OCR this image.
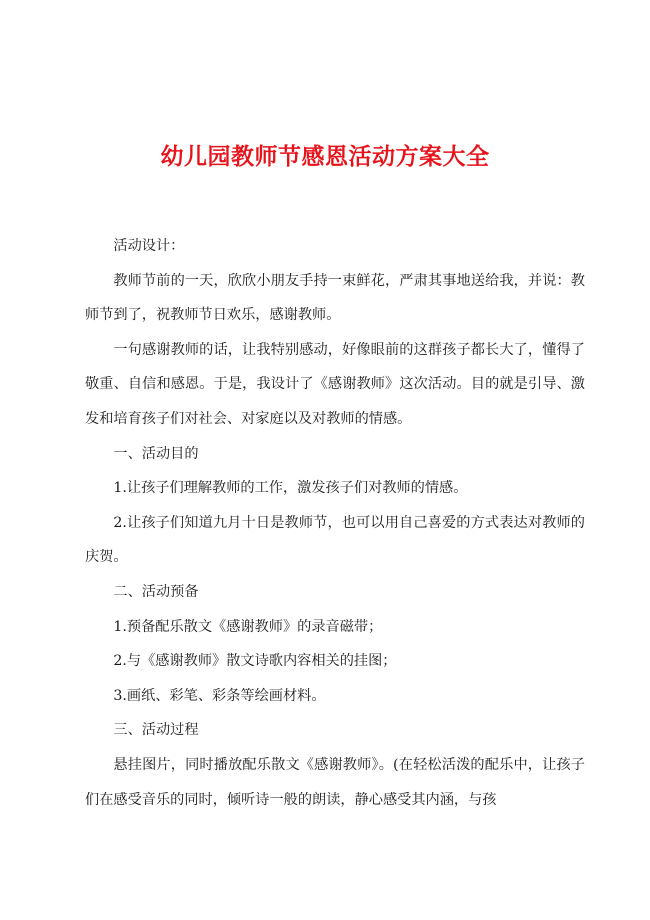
幼儿园教师节感恩活动方案大全

活动设计：

教师节前的一天，欣欣小朋友手持一束鲜花，严肃其事地送给我，并说：教师节到了，祝教师节日欢乐，感谢教师。

一句感谢教师的话，让我特别感动，好像眼前的这群孩子都长大了，懂得了敬重、自信和感恩。于是，我设计了《感谢教师》这次活动。目的就是引导、激发和培育孩子们对社会、对家庭以及对教师的情感。

一、活动目的

1.让孩子们理解教师的工作，激发孩子们对教师的情感。

2.让孩子们知道九月十日是教师节，也可以用自己喜爱的方式表达对教师的庆贺。

二、活动预备

1.预备配乐散文《感谢教师》的录音磁带；

2.与《感谢教师》散文诗歌内容相关的挂图；

3.画纸、彩笔、彩条等绘画材料。

三、活动过程

悬挂图片，同时播放配乐散文《感谢教师》。(在轻松活泼的配乐中，让孩子们在感受音乐的同时，倾听诗一般的朗读，静心感受其内涵，与孩
